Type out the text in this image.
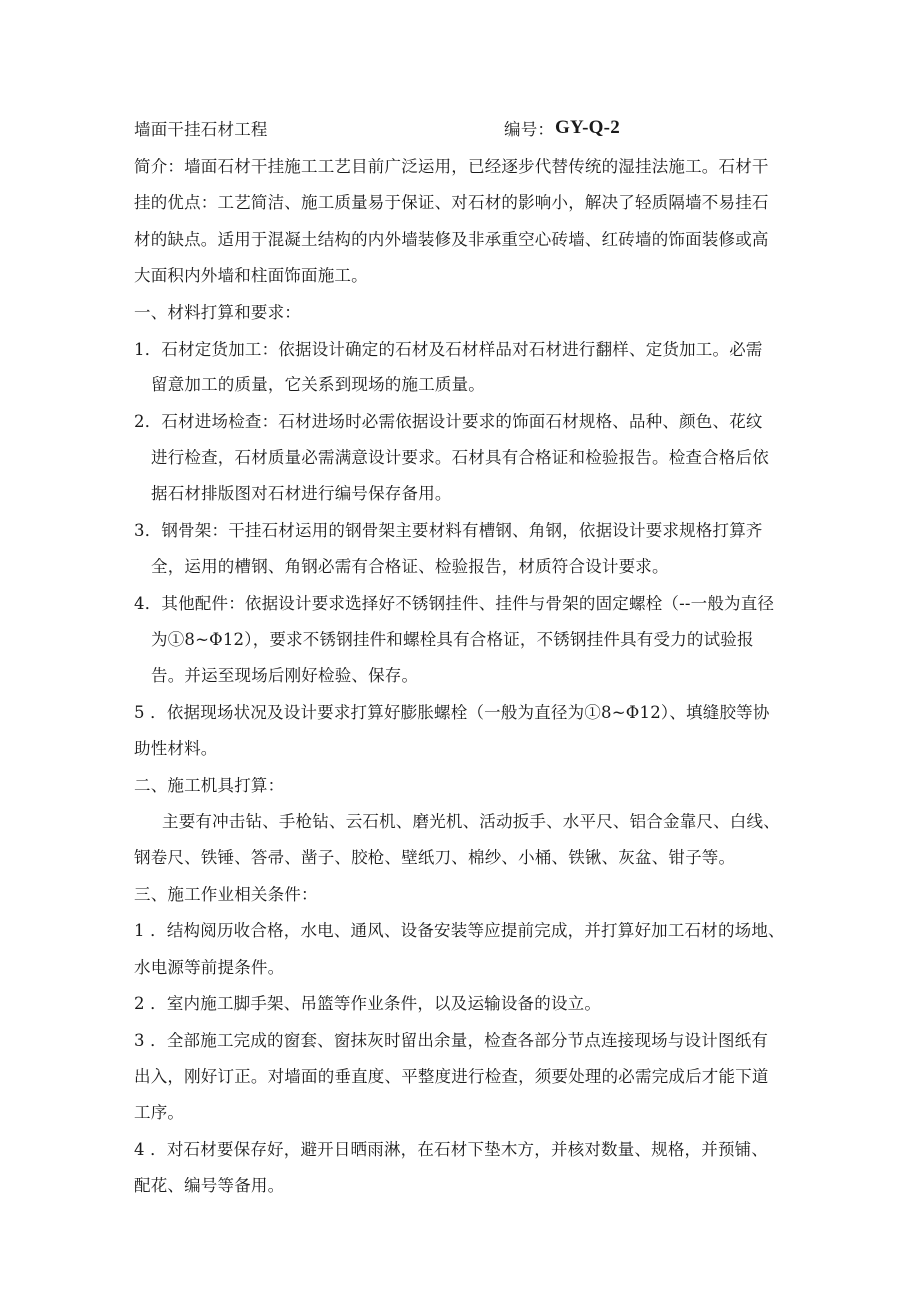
墙面干挂石材工程	编号： GY-Q-2
简介：墙面石材干挂施工工艺目前广泛运用，已经逐步代替传统的湿挂法施工。石材干
挂的优点：工艺简洁、施工质量易于保证、对石材的影响小，解决了轻质隔墙不易挂石
材的缺点。适用于混凝土结构的内外墙装修及非承重空心砖墙、红砖墙的饰面装修或高
大面积内外墙和柱面饰面施工。
一、材料打算和要求：
1．石材定货加工：依据设计确定的石材及石材样品对石材进行翻样、定货加工。必需
留意加工的质量，它关系到现场的施工质量。
2．石材进场检查：石材进场时必需依据设计要求的饰面石材规格、品种、颜色、花纹
进行检查，石材质量必需满意设计要求。石材具有合格证和检验报告。检查合格后依
据石材排版图对石材进行编号保存备用。
3．钢骨架：干挂石材运用的钢骨架主要材料有槽钢、角钢，依据设计要求规格打算齐
全，运用的槽钢、角钢必需有合格证、检验报告，材质符合设计要求。
4．其他配件：依据设计要求选择好不锈钢挂件、挂件与骨架的固定螺栓（--一般为直径
为①8~Φ12），要求不锈钢挂件和螺栓具有合格证，不锈钢挂件具有受力的试验报
告。并运至现场后刚好检验、保存。
5 ．依据现场状况及设计要求打算好膨胀螺栓（一般为直径为①8~Φ12）、填缝胶等协
助性材料。
二、施工机具打算：
主要有冲击钻、手枪钻、云石机、磨光机、活动扳手、水平尺、铝合金靠尺、白线、
钢卷尺、铁锤、答帚、凿子、胶枪、壁纸刀、棉纱、小桶、铁锹、灰盆、钳子等。
三、施工作业相关条件：
1 ．结构阅历收合格，水电、通风、设备安装等应提前完成，并打算好加工石材的场地、
水电源等前提条件。
2 ．室内施工脚手架、吊篮等作业条件，以及运输设备的设立。
3 ．全部施工完成的窗套、窗抹灰时留出余量，检查各部分节点连接现场与设计图纸有
出入，刚好订正。对墙面的垂直度、平整度进行检查，须要处理的必需完成后才能下道
工序。
4 ．对石材要保存好，避开日晒雨淋，在石材下垫木方，并核对数量、规格，并预铺、
配花、编号等备用。
